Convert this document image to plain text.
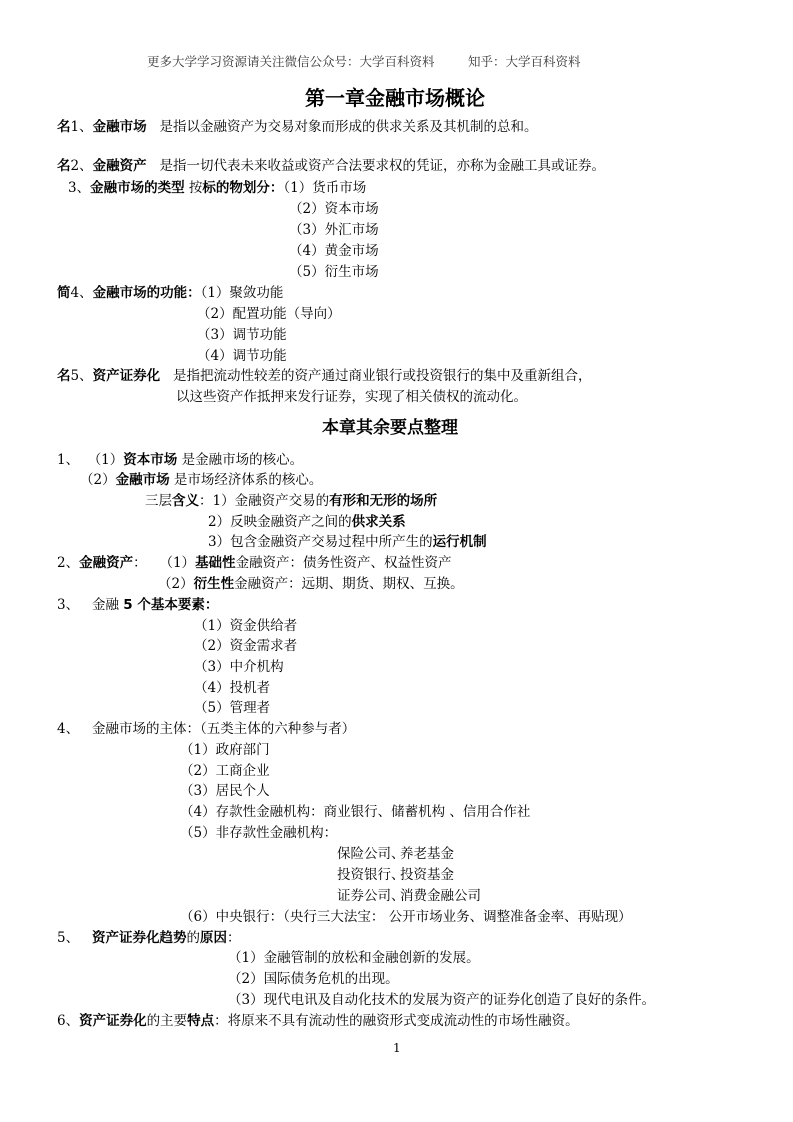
更多大学学习资源请关注微信公众号：大学百科资料	知乎：大学百科资料
第一章金融市场概论
名1、金融市场 是指以金融资产为交易对象而形成的供求关系及其机制的总和。
名2、金融资产 是指一切代表未来收益或资产合法要求权的凭证，亦称为金融工具或证券。
3、金融市场的类型 按标的物划分：（1）货币市场
（2）资本市场
（3）外汇市场
（4）黄金市场
（5）衍生市场
简4、金融市场的功能：（1）聚敛功能
（2）配置功能（导向）
（3）调节功能
（4）调节功能
名5、资产证券化 是指把流动性较差的资产通过商业银行或投资银行的集中及重新组合，
以这些资产作抵押来发行证券，实现了相关债权的流动化。
本章其余要点整理
1、 （1）资本市场 是金融市场的核心。
（2）金融市场 是市场经济体系的核心。
三层含义：1）金融资产交易的有形和无形的场所
2）反映金融资产之间的供求关系
3）包含金融资产交易过程中所产生的运行机制
2、金融资产： （1）基础性金融资产：债务性资产、权益性资产
（2）衍生性金融资产：远期、期货、期权、互换。
3、 金融 5 个基本要素：
（1）资金供给者
（2）资金需求者
（3）中介机构
（4）投机者
（5）管理者
4、 金融市场的主体：（五类主体的六种参与者）
（1）政府部门
（2）工商企业
（3）居民个人
（4）存款性金融机构：商业银行、储蓄机构 、信用合作社
（5）非存款性金融机构：
保险公司、
养老基金
投资银行、
投资基金
证券公司、
消费金融公司
（6）中央银行：（央行三大法宝： 公开市场业务、调整准备金率、再贴现）
5、 资产证券化趋势的原因：
（1）金融管制的放松和金融创新的发展。
（2）国际债务危机的出现。
（3）现代电讯及自动化技术的发展为资产的证券化创造了良好的条件。
6、资产证券化的主要特点：将原来不具有流动性的融资形式变成流动性的市场性融资。
1
